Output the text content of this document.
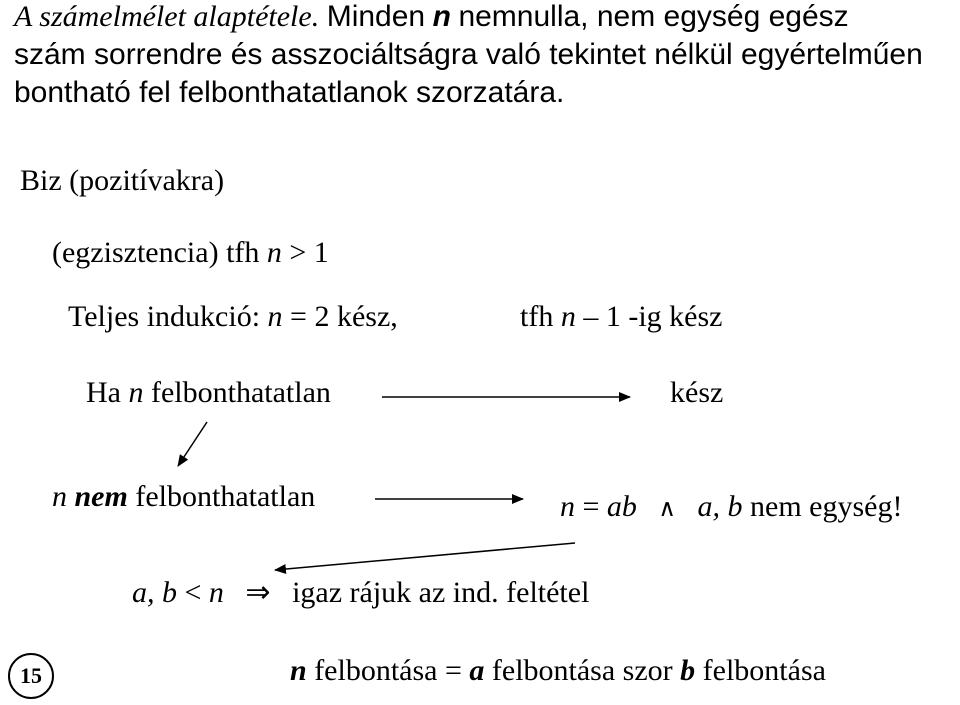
A számelmélet alaptétele. Minden n nemnulla, nem egység egész
szám sorrendre és asszociáltságra való tekintet nélkül egyértelműen
bontható fel felbonthatatlanok szorzatára.
Biz (pozitívakra)
(egzisztencia) tfh n > 1
Teljes indukció: n = 2 kész,	tfh n – 1 -ig kész
Ha n felbonthatatlan	kész
n nem felbonthatatlan	n = ab ∧ a, b nem egység!
a, b < n ⇒ igaz rájuk az ind. feltétel
n felbontása = a felbontása szor b felbontása
15
